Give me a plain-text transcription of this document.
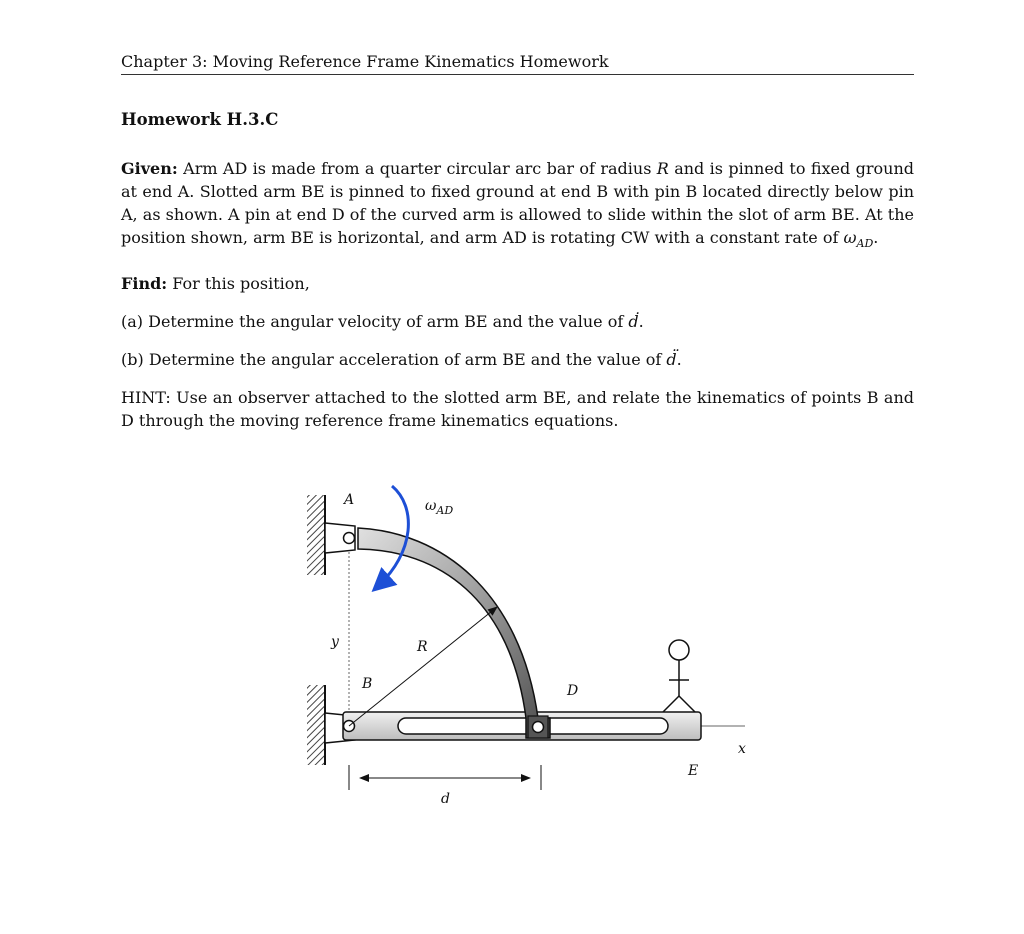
Chapter 3: Moving Reference Frame Kinematics Homework
Homework H.3.C
Given: Arm AD is made from a quarter circular arc bar of radius R and is pinned to fixed ground at end A. Slotted arm BE is pinned to fixed ground at end B with pin B located directly below pin A, as shown. A pin at end D of the curved arm is allowed to slide within the slot of arm BE. At the position shown, arm BE is horizontal, and arm AD is rotating CW with a constant rate of $\omega_{AD}$.
Find: For this position,
(a) Determine the angular velocity of arm BE and the value of ḋ.
(b) Determine the angular acceleration of arm BE and the value of d̈.
HINT: Use an observer attached to the slotted arm BE, and relate the kinematics of points B and D through the moving reference frame kinematics equations.
A	$\omega_{AD}$
y	R
B	D
E
x
d
